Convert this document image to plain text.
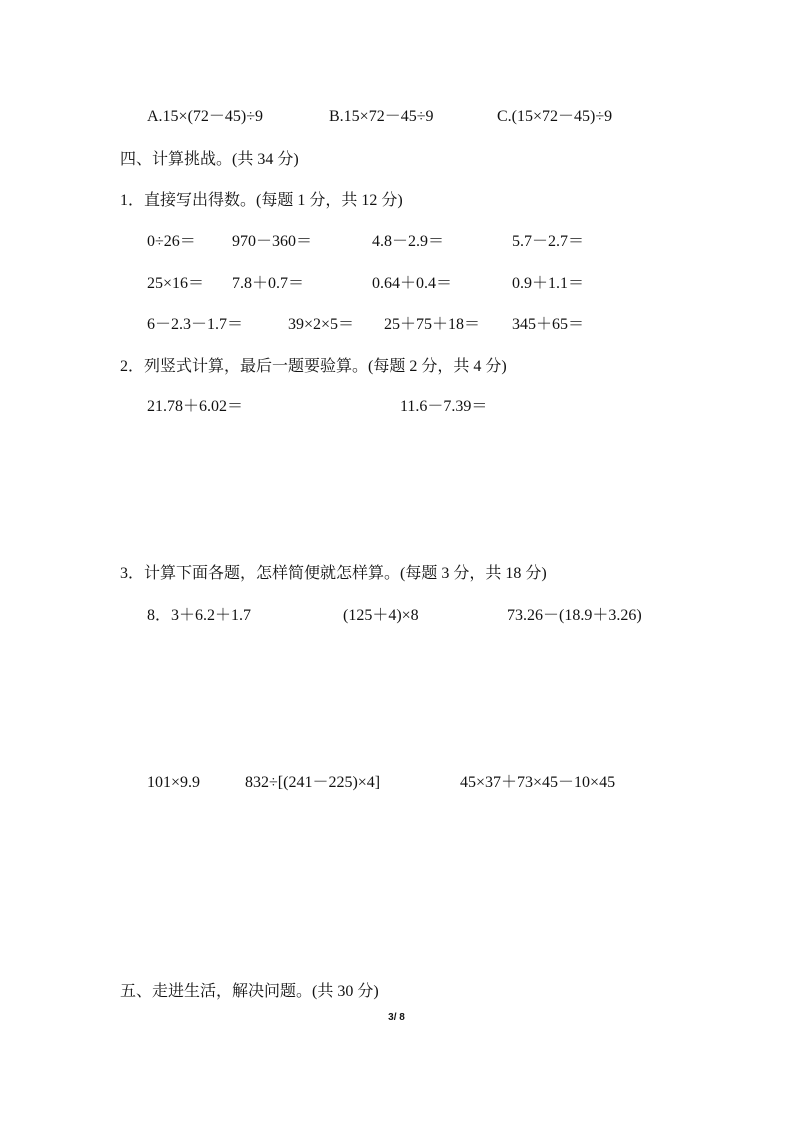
A.15×(72－45)÷9	B.15×72－45÷9	C.(15×72－45)÷9
四、计算挑战。(共 34 分)
1．直接写出得数。(每题 1 分，共 12 分)
0÷26＝ 970－360＝	4.8－2.9＝	5.7－2.7＝
25×16＝ 7.8＋0.7＝	0.64＋0.4＝	0.9＋1.1＝
6－2.3－1.7＝	39×2×5＝ 25＋75＋18＝ 345＋65＝
2．列竖式计算，最后一题要验算。(每题 2 分，共 4 分)
21.78＋6.02＝	11.6－7.39＝
3．计算下面各题，怎样简便就怎样算。(每题 3 分，共 18 分)
8．3＋6.2＋1.7	(125＋4)×8	73.26－(18.9＋3.26)
101×9.9	832÷[(241－225)×4]	45×37＋73×45－10×45
五、走进生活，解决问题。(共 30 分)
3/ 8
